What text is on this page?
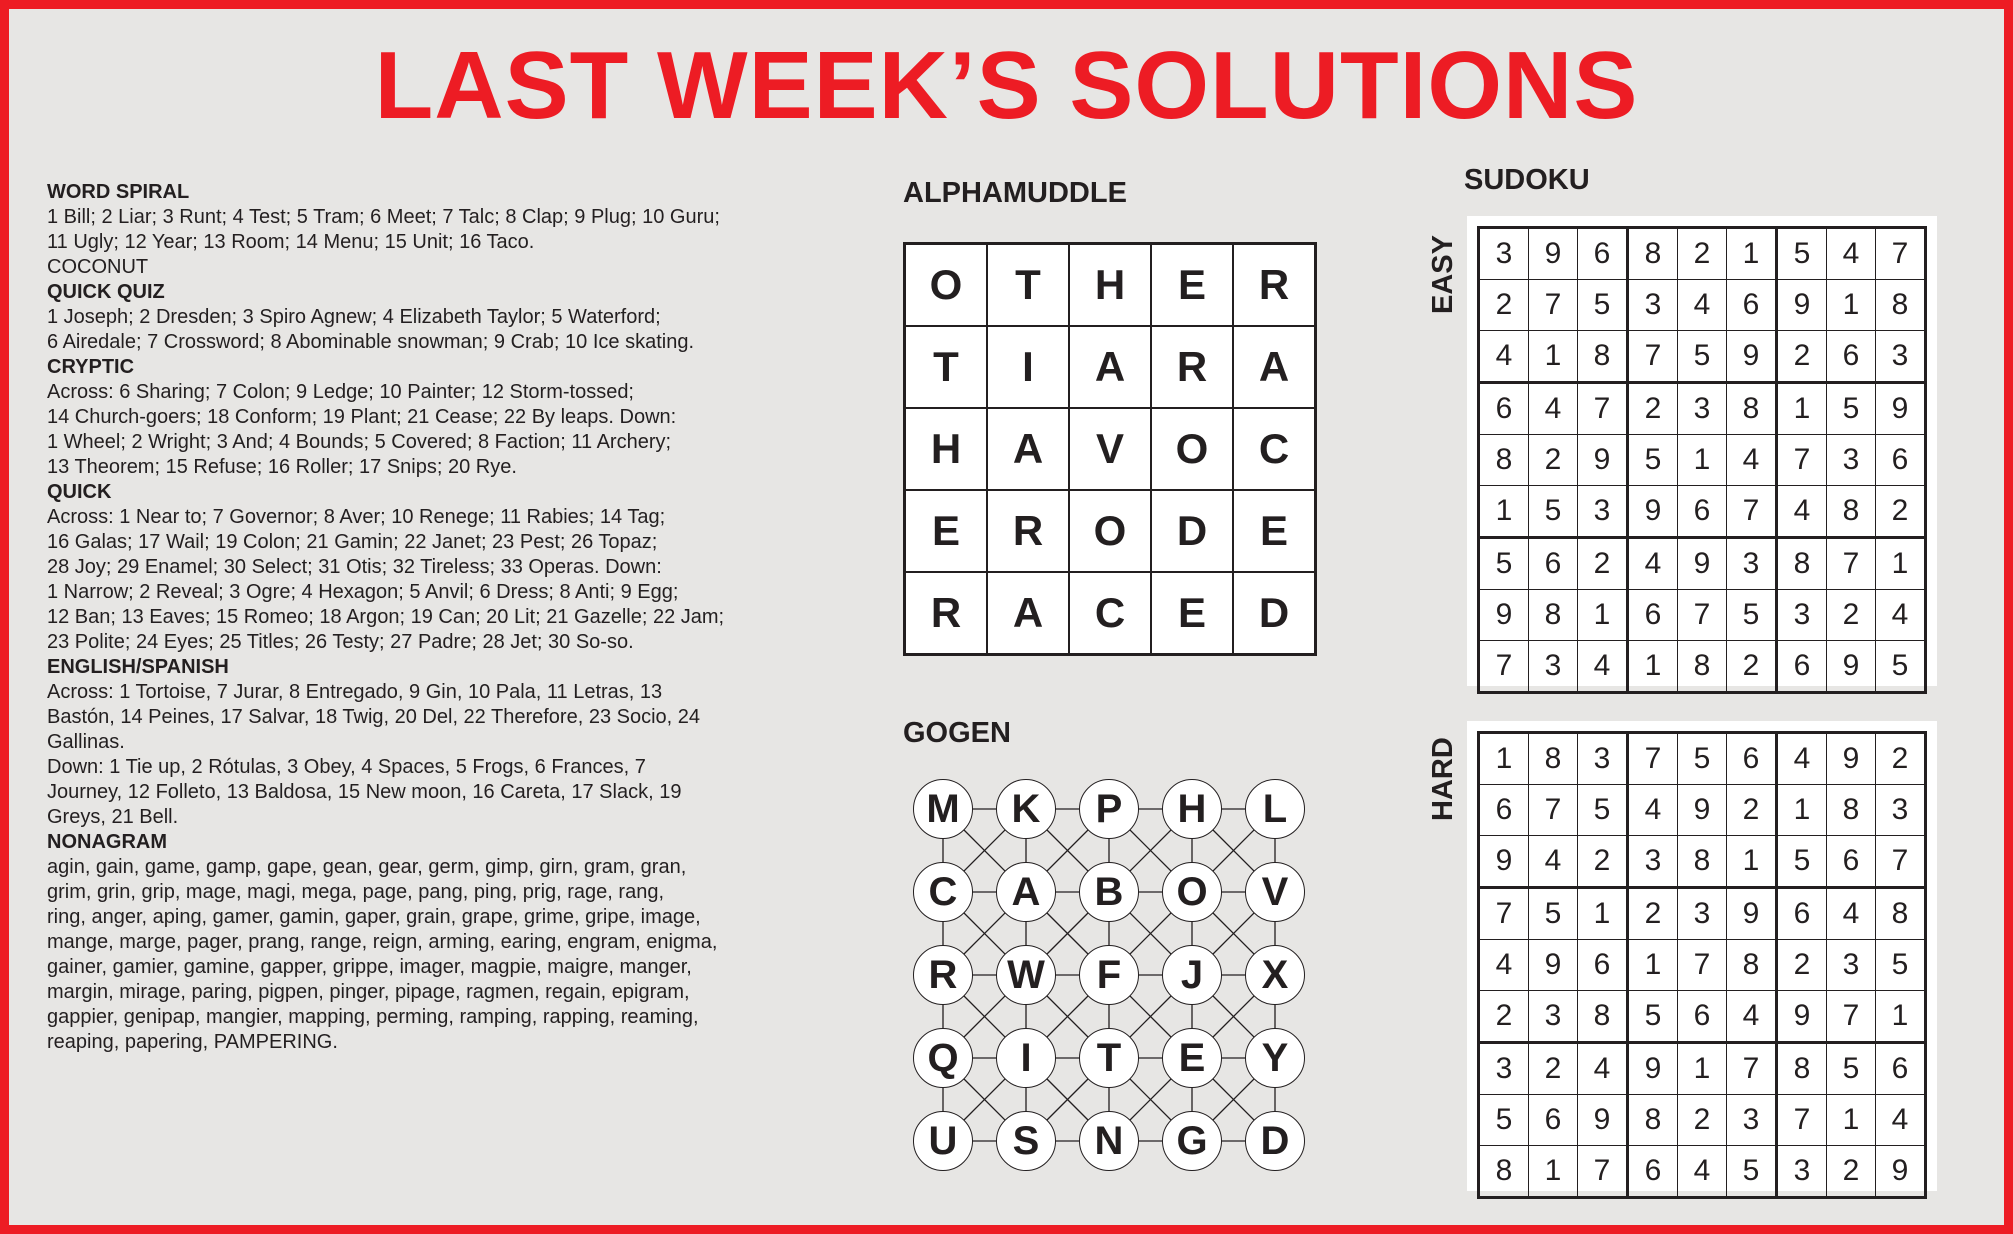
LAST WEEK’S SOLUTIONS
WORD SPIRAL
1 Bill; 2 Liar; 3 Runt; 4 Test; 5 Tram; 6 Meet; 7 Talc; 8 Clap; 9 Plug; 10 Guru;
11 Ugly; 12 Year; 13 Room; 14 Menu; 15 Unit; 16 Taco.
COCONUT
QUICK QUIZ
1 Joseph; 2 Dresden; 3 Spiro Agnew; 4 Elizabeth Taylor; 5 Waterford;
6 Airedale; 7 Crossword; 8 Abominable snowman; 9 Crab; 10 Ice skating.
CRYPTIC
Across: 6 Sharing; 7 Colon; 9 Ledge; 10 Painter; 12 Storm-tossed;
14 Church-goers; 18 Conform; 19 Plant; 21 Cease; 22 By leaps. Down:
1 Wheel; 2 Wright; 3 And; 4 Bounds; 5 Covered; 8 Faction; 11 Archery;
13 Theorem; 15 Refuse; 16 Roller; 17 Snips; 20 Rye.
QUICK
Across: 1 Near to; 7 Governor; 8 Aver; 10 Renege; 11 Rabies; 14 Tag;
16 Galas; 17 Wail; 19 Colon; 21 Gamin; 22 Janet; 23 Pest; 26 Topaz;
28 Joy; 29 Enamel; 30 Select; 31 Otis; 32 Tireless; 33 Operas. Down:
1 Narrow; 2 Reveal; 3 Ogre; 4 Hexagon; 5 Anvil; 6 Dress; 8 Anti; 9 Egg;
12 Ban; 13 Eaves; 15 Romeo; 18 Argon; 19 Can; 20 Lit; 21 Gazelle; 22 Jam;
23 Polite; 24 Eyes; 25 Titles; 26 Testy; 27 Padre; 28 Jet; 30 So-so.
ENGLISH/SPANISH
Across: 1 Tortoise, 7 Jurar, 8 Entregado, 9 Gin, 10 Pala, 11 Letras, 13
Bastón, 14 Peines, 17 Salvar, 18 Twig, 20 Del, 22 Therefore, 23 Socio, 24
Gallinas.
Down: 1 Tie up, 2 Rótulas, 3 Obey, 4 Spaces, 5 Frogs, 6 Frances, 7
Journey, 12 Folleto, 13 Baldosa, 15 New moon, 16 Careta, 17 Slack, 19
Greys, 21 Bell.
NONAGRAM
agin, gain, game, gamp, gape, gean, gear, germ, gimp, girn, gram, gran,
grim, grin, grip, mage, magi, mega, page, pang, ping, prig, rage, rang,
ring, anger, aping, gamer, gamin, gaper, grain, grape, grime, gripe, image,
mange, marge, pager, prang, range, reign, arming, earing, engram, enigma,
gainer, gamier, gamine, gapper, grippe, imager, magpie, maigre, manger,
margin, mirage, paring, pigpen, pinger, pipage, ragmen, regain, epigram,
gappier, genipap, mangier, mapping, perming, ramping, rapping, reaming,
reaping, papering, PAMPERING.
ALPHAMUDDLE
O	T	H	E	R
T	I	A	R	A
H	A	V	O	C
E	R	O	D	E
R	A	C	E	D
GOGEN
M	K	P	H	L
C	A	B	O	V
R	W	F	J	X
Q	I	T	E	Y
U	S	N	G	D
SUDOKU
EASY 3	9	6	8	2	1	5	4	7
2	7	5	3	4	6	9	1	8
4	1	8	7	5	9	2	6	3
6	4	7	2	3	8	1	5	9
8	2	9	5	1	4	7	3	6
1	5	3	9	6	7	4	8	2
5	6	2	4	9	3	8	7	1
9	8	1	6	7	5	3	2	4
7	3	4	1	8	2	6	9	5
HARD 1	8	3	7	5	6	4	9	2
6	7	5	4	9	2	1	8	3
9	4	2	3	8	1	5	6	7
7	5	1	2	3	9	6	4	8
4	9	6	1	7	8	2	3	5
2	3	8	5	6	4	9	7	1
3	2	4	9	1	7	8	5	6
5	6	9	8	2	3	7	1	4
8	1	7	6	4	5	3	2	9
